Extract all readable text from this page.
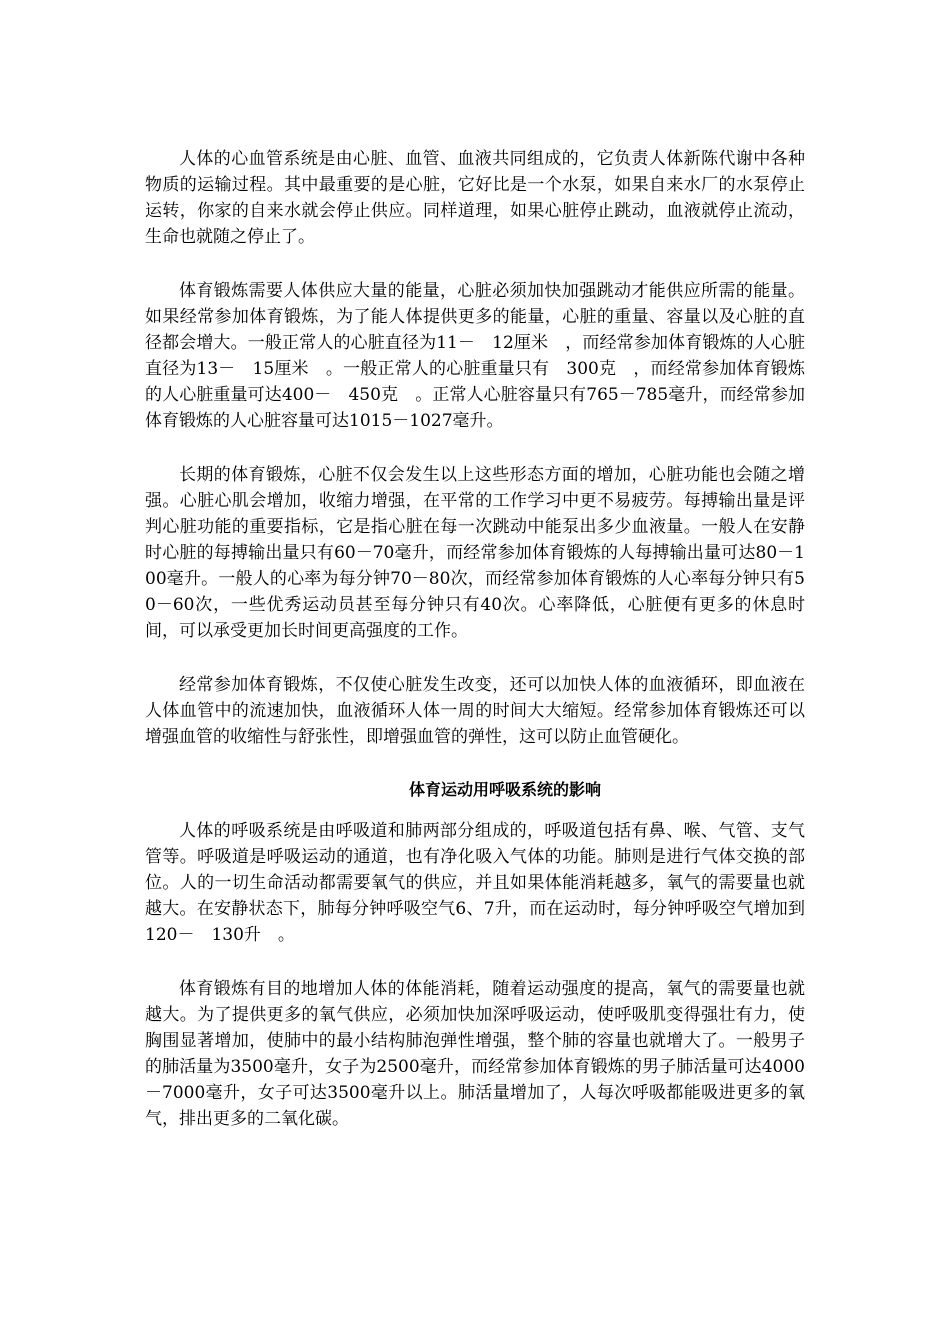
人体的心血管系统是由心脏、血管、血液共同组成的，它负责人体新陈代谢中各种物质的运输过程。其中最重要的是心脏，它好比是一个水泵，如果自来水厂的水泵停止运转，你家的自来水就会停止供应。同样道理，如果心脏停止跳动，血液就停止流动，生命也就随之停止了。

体育锻炼需要人体供应大量的能量，心脏必须加快加强跳动才能供应所需的能量。如果经常参加体育锻炼，为了能人体提供更多的能量，心脏的重量、容量以及心脏的直径都会增大。一般正常人的心脏直径为11－　12厘米　，而经常参加体育锻炼的人心脏直径为13－　15厘米　。一般正常人的心脏重量只有　300克　，而经常参加体育锻炼的人心脏重量可达400－　450克　。正常人心脏容量只有765－785毫升，而经常参加体育锻炼的人心脏容量可达1015－1027毫升。

长期的体育锻炼，心脏不仅会发生以上这些形态方面的增加，心脏功能也会随之增强。心脏心肌会增加，收缩力增强，在平常的工作学习中更不易疲劳。每搏输出量是评判心脏功能的重要指标，它是指心脏在每一次跳动中能泵出多少血液量。一般人在安静时心脏的每搏输出量只有60－70毫升，而经常参加体育锻炼的人每搏输出量可达80－100毫升。一般人的心率为每分钟70－80次，而经常参加体育锻炼的人心率每分钟只有50－60次，一些优秀运动员甚至每分钟只有40次。心率降低，心脏便有更多的休息时间，可以承受更加长时间更高强度的工作。

经常参加体育锻炼，不仅使心脏发生改变，还可以加快人体的血液循环，即血液在人体血管中的流速加快，血液循环人体一周的时间大大缩短。经常参加体育锻炼还可以增强血管的收缩性与舒张性，即增强血管的弹性，这可以防止血管硬化。

体育运动用呼吸系统的影响

人体的呼吸系统是由呼吸道和肺两部分组成的，呼吸道包括有鼻、喉、气管、支气管等。呼吸道是呼吸运动的通道，也有净化吸入气体的功能。肺则是进行气体交换的部位。人的一切生命活动都需要氧气的供应，并且如果体能消耗越多，氧气的需要量也就越大。在安静状态下，肺每分钟呼吸空气6、7升，而在运动时，每分钟呼吸空气增加到120－　130升　。

体育锻炼有目的地增加人体的体能消耗，随着运动强度的提高，氧气的需要量也就越大。为了提供更多的氧气供应，必须加快加深呼吸运动，使呼吸肌变得强壮有力，使胸围显著增加，使肺中的最小结构肺泡弹性增强，整个肺的容量也就增大了。一般男子的肺活量为3500毫升，女子为2500毫升，而经常参加体育锻炼的男子肺活量可达4000－7000毫升，女子可达3500毫升以上。肺活量增加了，人每次呼吸都能吸进更多的氧气，排出更多的二氧化碳。
